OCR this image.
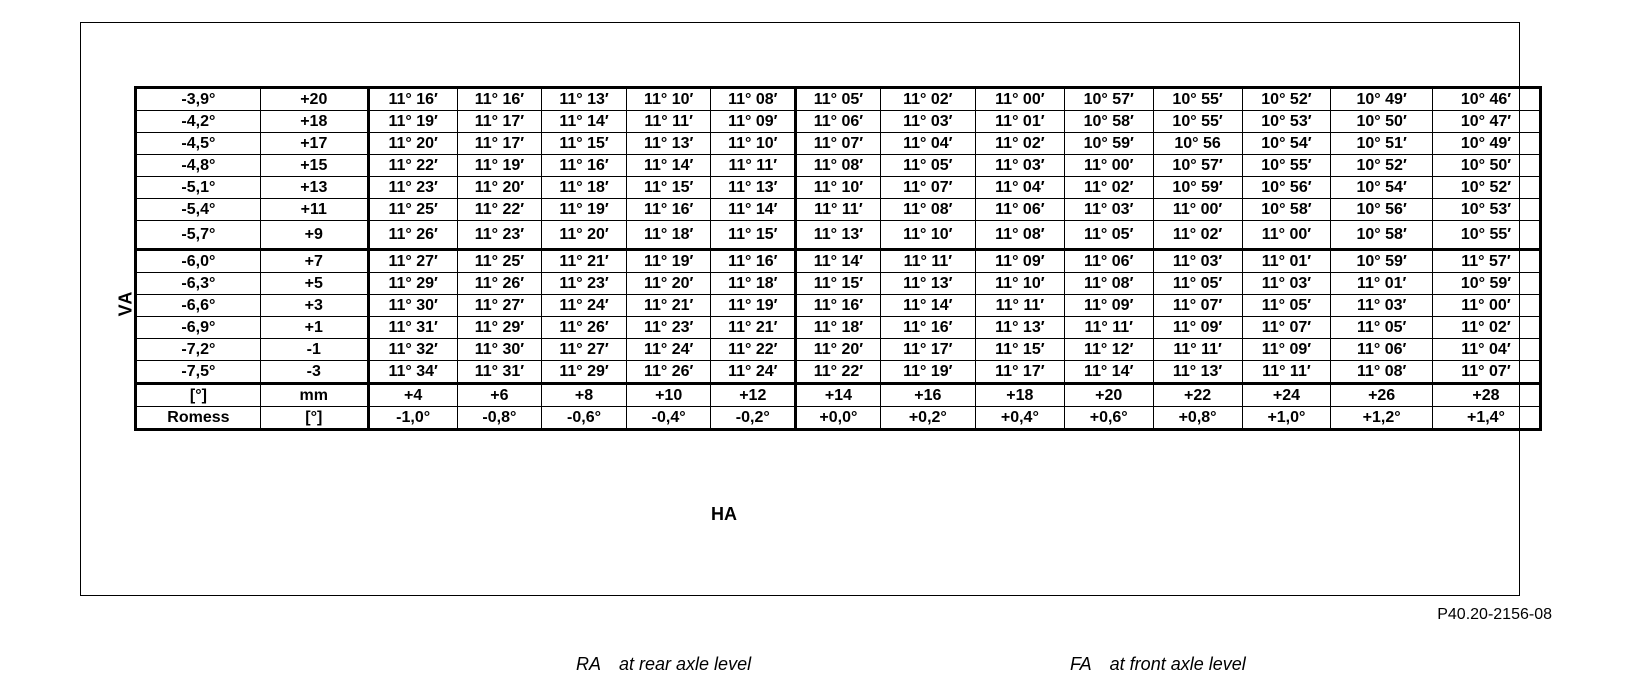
VA
-3,9°	+20	11° 16′	11° 16′	11° 13′	11° 10′	11° 08′	11° 05′	11° 02′	11° 00′	10° 57′	10° 55′	10° 52′	10° 49′	10° 46′
-4,2°	+18	11° 19′	11° 17′	11° 14′	11° 11′	11° 09′	11° 06′	11° 03′	11° 01′	10° 58′	10° 55′	10° 53′	10° 50′	10° 47′
-4,5°	+17	11° 20′	11° 17′	11° 15′	11° 13′	11° 10′	11° 07′	11° 04′	11° 02′	10° 59′	10° 56	10° 54′	10° 51′	10° 49′
-4,8°	+15	11° 22′	11° 19′	11° 16′	11° 14′	11° 11′	11° 08′	11° 05′	11° 03′	11° 00′	10° 57′	10° 55′	10° 52′	10° 50′
-5,1°	+13	11° 23′	11° 20′	11° 18′	11° 15′	11° 13′	11° 10′	11° 07′	11° 04′	11° 02′	10° 59′	10° 56′	10° 54′	10° 52′
-5,4°	+11	11° 25′	11° 22′	11° 19′	11° 16′	11° 14′	11° 11′	11° 08′	11° 06′	11° 03′	11° 00′	10° 58′	10° 56′	10° 53′
-5,7°	+9	11° 26′	11° 23′	11° 20′	11° 18′	11° 15′	11° 13′	11° 10′	11° 08′	11° 05′	11° 02′	11° 00′	10° 58′	10° 55′
-6,0°	+7	11° 27′	11° 25′	11° 21′	11° 19′	11° 16′	11° 14′	11° 11′	11° 09′	11° 06′	11° 03′	11° 01′	10° 59′	11° 57′
-6,3°	+5	11° 29′	11° 26′	11° 23′	11° 20′	11° 18′	11° 15′	11° 13′	11° 10′	11° 08′	11° 05′	11° 03′	11° 01′	10° 59′
-6,6°	+3	11° 30′	11° 27′	11° 24′	11° 21′	11° 19′	11° 16′	11° 14′	11° 11′	11° 09′	11° 07′	11° 05′	11° 03′	11° 00′
-6,9°	+1	11° 31′	11° 29′	11° 26′	11° 23′	11° 21′	11° 18′	11° 16′	11° 13′	11° 11′	11° 09′	11° 07′	11° 05′	11° 02′
-7,2°	-1	11° 32′	11° 30′	11° 27′	11° 24′	11° 22′	11° 20′	11° 17′	11° 15′	11° 12′	11° 11′	11° 09′	11° 06′	11° 04′
-7,5°	-3	11° 34′	11° 31′	11° 29′	11° 26′	11° 24′	11° 22′	11° 19′	11° 17′	11° 14′	11° 13′	11° 11′	11° 08′	11° 07′
[°]	mm	+4	+6	+8	+10	+12	+14	+16	+18	+20	+22	+24	+26	+28
Romess	[°]	-1,0°	-0,8°	-0,6°	-0,4°	-0,2°	+0,0°	+0,2°	+0,4°	+0,6°	+0,8°	+1,0°	+1,2°	+1,4°
HA
P40.20-2156-08
RA at rear axle level	FA at front axle level
